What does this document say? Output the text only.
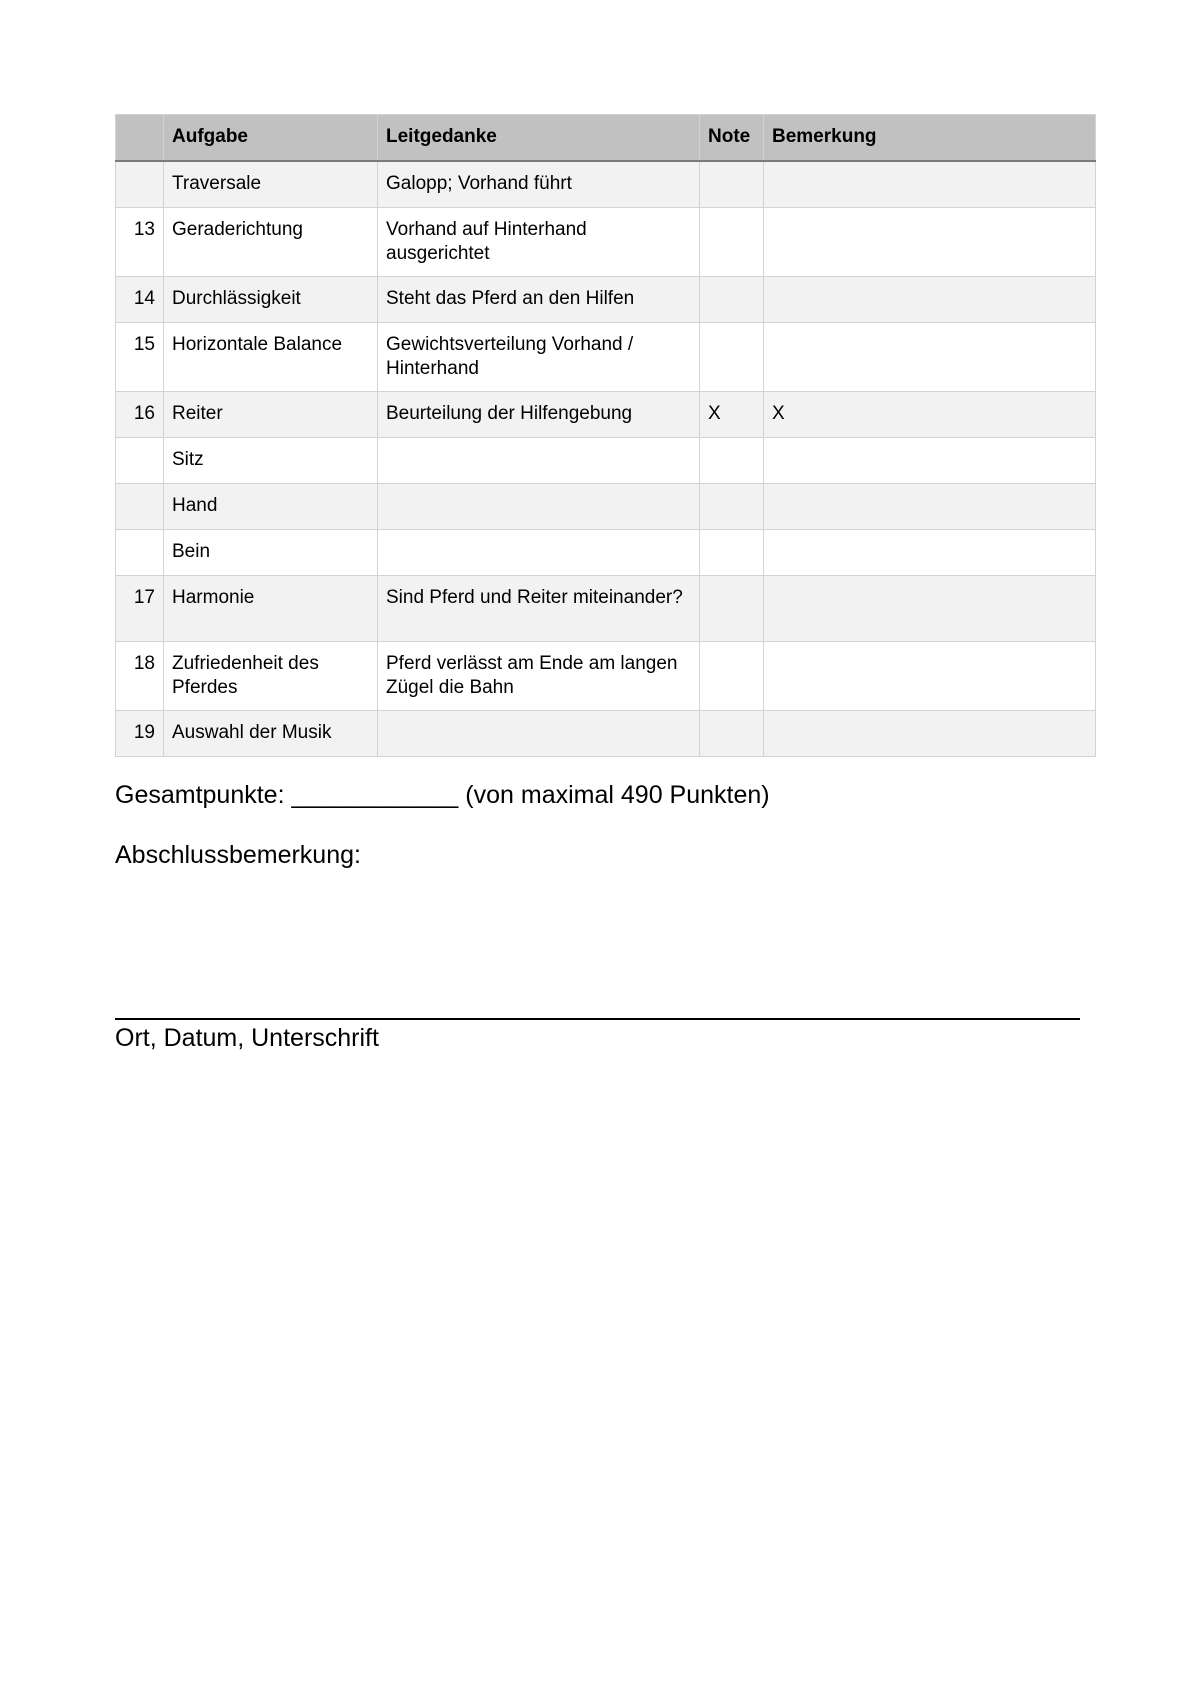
	Aufgabe	Leitgedanke	Note	Bemerkung
	Traversale	Galopp; Vorhand führt		
13	Geraderichtung	Vorhand auf Hinterhand ausgerichtet		
14	Durchlässigkeit	Steht das Pferd an den Hilfen		
15	Horizontale Balance	Gewichtsverteilung Vorhand / Hinterhand		
16	Reiter	Beurteilung der Hilfengebung	X	X
	Sitz			
	Hand			
	Bein			
17	Harmonie	Sind Pferd und Reiter miteinander?		
18	Zufriedenheit des Pferdes	Pferd verlässt am Ende am langen Zügel die Bahn		
19	Auswahl der Musik			
Gesamtpunkte: ____________ (von maximal 490 Punkten)
Abschlussbemerkung:
Ort, Datum, Unterschrift
